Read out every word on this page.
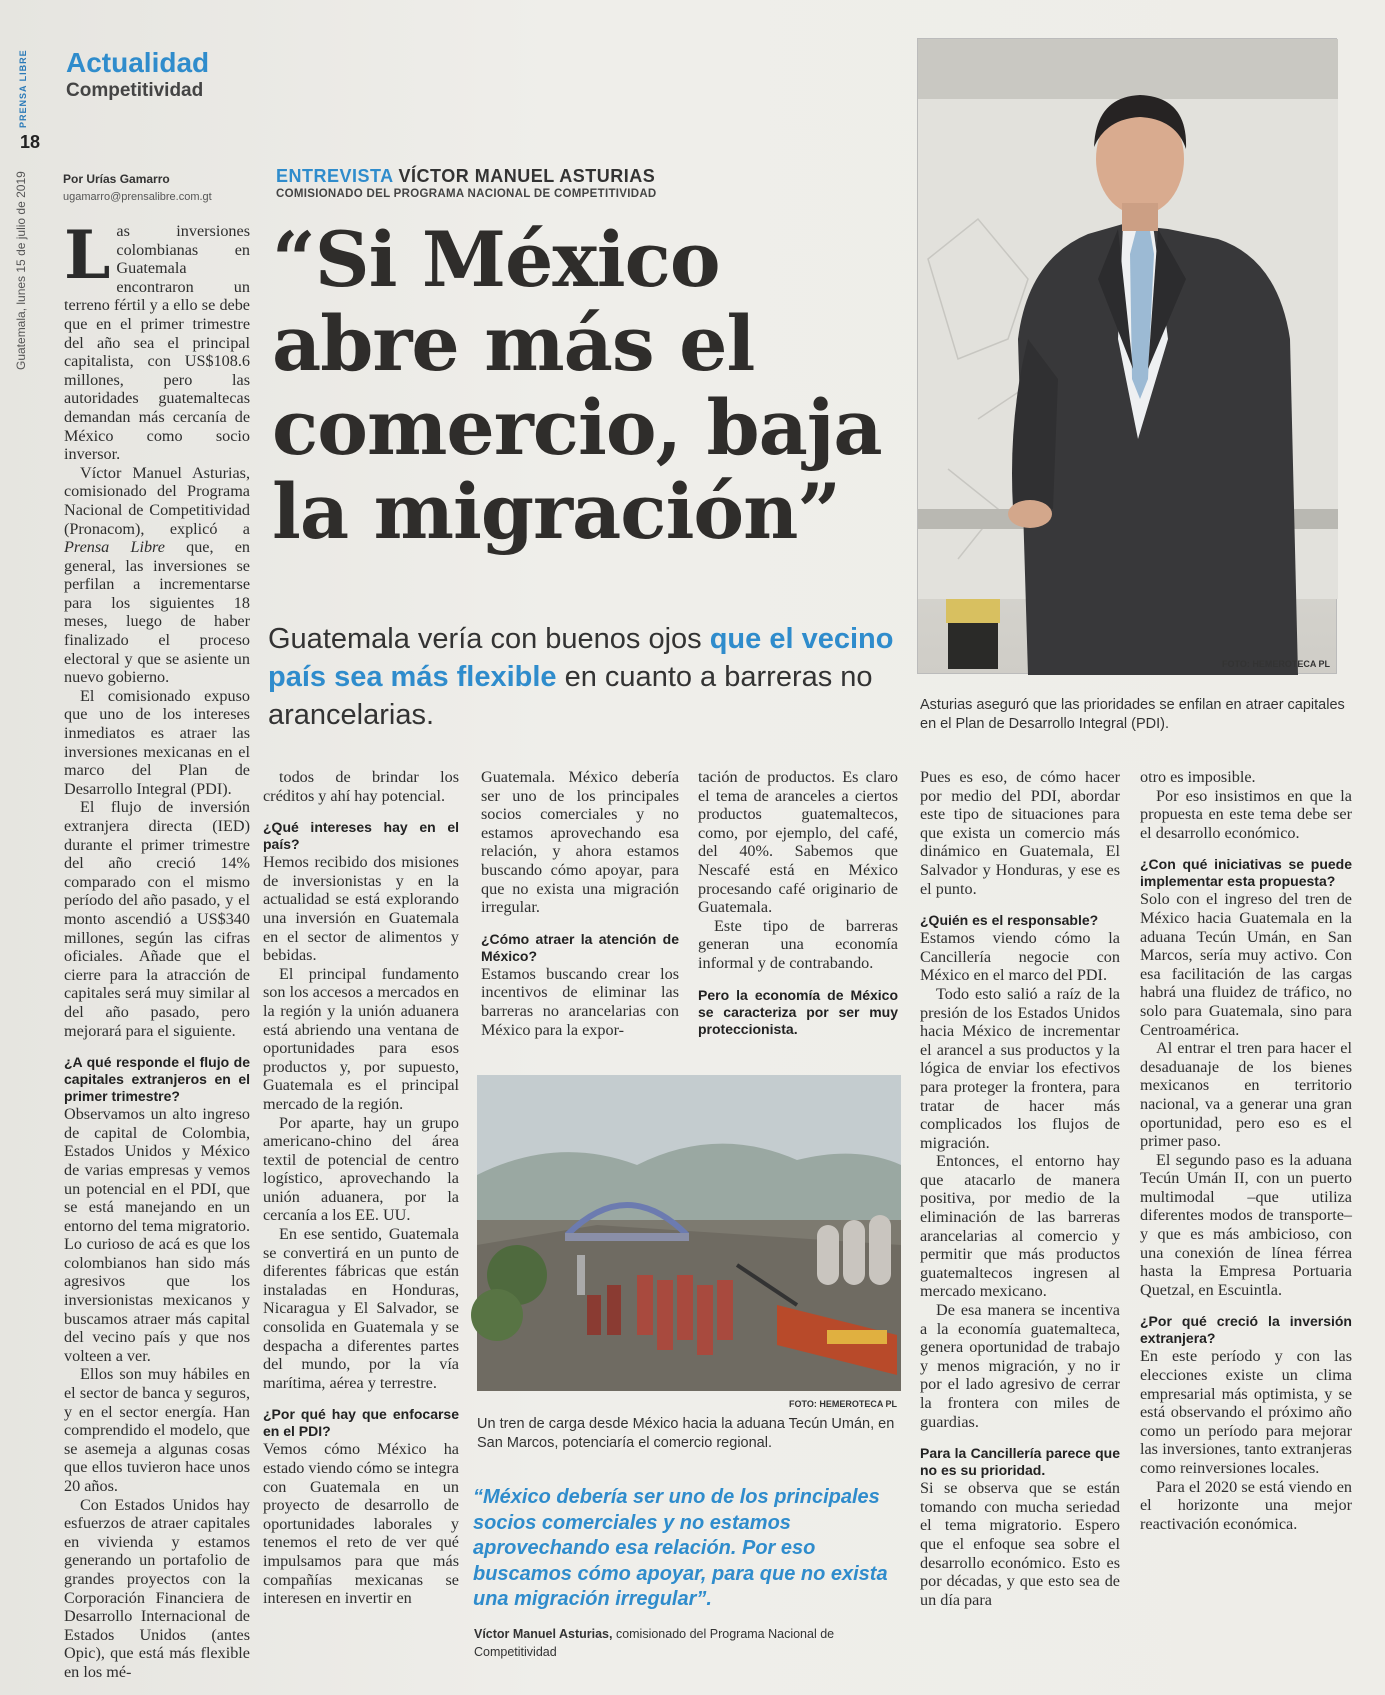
PRENSA LIBRE
18
Guatemala, lunes 15 de julio de 2019
Actualidad
Competitividad
Por Urías Gamarro
ugamarro@prensalibre.com.gt
ENTREVISTA VÍCTOR MANUEL ASTURIAS
COMISIONADO DEL PROGRAMA NACIONAL DE COMPETITIVIDAD
“Si México abre más el comercio, baja la migración”
Guatemala vería con buenos ojos que el vecino país sea más flexible en cuanto a barreras no arancelarias.
FOTO: HEMEROTECA PL
Asturias aseguró que las prioridades se enfilan en atraer capitales en el Plan de Desarrollo Integral (PDI).

Las inversiones colombianas en Guatemala encontraron un terreno fértil y a ello se debe que en el primer trimestre del año sea el principal capitalista, con US$108.6 millones, pero las autoridades guatemaltecas demandan más cercanía de México como socio inversor.

Víctor Manuel Asturias, comisionado del Programa Nacional de Competitividad (Pronacom), explicó a Prensa Libre que, en general, las inversiones se perfilan a incrementarse para los siguientes 18 meses, luego de haber finalizado el proceso electoral y que se asiente un nuevo gobierno.

El comisionado expuso que uno de los intereses inmediatos es atraer las inversiones mexicanas en el marco del Plan de Desarrollo Integral (PDI).

El flujo de inversión extranjera directa (IED) durante el primer trimestre del año creció 14% comparado con el mismo período del año pasado, y el monto ascendió a US$340 millones, según las cifras oficiales. Añade que el cierre para la atracción de capitales será muy similar al del año pasado, pero mejorará para el siguiente.

¿A qué responde el flujo de capitales extranjeros en el primer trimestre?

Observamos un alto ingreso de capital de Colombia, Estados Unidos y México de varias empresas y vemos un potencial en el PDI, que se está manejando en un entorno del tema migratorio. Lo curioso de acá es que los colombianos han sido más agresivos que los inversionistas mexicanos y buscamos atraer más capital del vecino país y que nos volteen a ver.

Ellos son muy hábiles en el sector de banca y seguros, y en el sector energía. Han comprendido el modelo, que se asemeja a algunas cosas que ellos tuvieron hace unos 20 años.

Con Estados Unidos hay esfuerzos de atraer capitales en vivienda y estamos generando un portafolio de grandes proyectos con la Corporación Financiera de Desarrollo Internacional de Estados Unidos (antes Opic), que está más flexible en los mé-

todos de brindar los créditos y ahí hay potencial.

¿Qué intereses hay en el país?

Hemos recibido dos misiones de inversionistas y en la actualidad se está explorando una inversión en Guatemala en el sector de alimentos y bebidas.

El principal fundamento son los accesos a mercados en la región y la unión aduanera está abriendo una ventana de oportunidades para esos productos y, por supuesto, Guatemala es el principal mercado de la región.

Por aparte, hay un grupo americano-chino del área textil de potencial de centro logístico, aprovechando la unión aduanera, por la cercanía a los EE. UU.

En ese sentido, Guatemala se convertirá en un punto de diferentes fábricas que están instaladas en Honduras, Nicaragua y El Salvador, se consolida en Guatemala y se despacha a diferentes partes del mundo, por la vía marítima, aérea y terrestre.

¿Por qué hay que enfocarse en el PDI?

Vemos cómo México ha estado viendo cómo se integra con Guatemala en un proyecto de desarrollo de oportunidades laborales y tenemos el reto de ver qué impulsamos para que más compañías mexicanas se interesen en invertir en

Guatemala. México debería ser uno de los principales socios comerciales y no estamos aprovechando esa relación, y ahora estamos buscando cómo apoyar, para que no exista una migración irregular.

¿Cómo atraer la atención de México?

Estamos buscando crear los incentivos de eliminar las barreras no arancelarias con México para la expor-

tación de productos. Es claro el tema de aranceles a ciertos productos guatemaltecos, como, por ejemplo, del café, del 40%. Sabemos que Nescafé está en México procesando café originario de Guatemala.

Este tipo de barreras generan una economía informal y de contrabando.

Pero la economía de México se caracteriza por ser muy proteccionista.
FOTO: HEMEROTECA PL
Un tren de carga desde México hacia la aduana Tecún Umán, en San Marcos, potenciaría el comercio regional.
“México debería ser uno de los principales socios comerciales y no estamos aprovechando esa relación. Por eso buscamos cómo apoyar, para que no exista una migración irregular”.
Víctor Manuel Asturias, comisionado del Programa Nacional de Competitividad

Pues es eso, de cómo hacer por medio del PDI, abordar este tipo de situaciones para que exista un comercio más dinámico en Guatemala, El Salvador y Honduras, y ese es el punto.

¿Quién es el responsable?

Estamos viendo cómo la Cancillería negocie con México en el marco del PDI.

Todo esto salió a raíz de la presión de los Estados Unidos hacia México de incrementar el arancel a sus productos y la lógica de enviar los efectivos para proteger la frontera, para tratar de hacer más complicados los flujos de migración.

Entonces, el entorno hay que atacarlo de manera positiva, por medio de la eliminación de las barreras arancelarias al comercio y permitir que más productos guatemaltecos ingresen al mercado mexicano.

De esa manera se incentiva a la economía guatemalteca, genera oportunidad de trabajo y menos migración, y no ir por el lado agresivo de cerrar la frontera con miles de guardias.

Para la Cancillería parece que no es su prioridad.

Si se observa que se están tomando con mucha seriedad el tema migratorio. Espero que el enfoque sea sobre el desarrollo económico. Esto es por décadas, y que esto sea de un día para

otro es imposible.

Por eso insistimos en que la propuesta en este tema debe ser el desarrollo económico.

¿Con qué iniciativas se puede implementar esta propuesta?

Solo con el ingreso del tren de México hacia Guatemala en la aduana Tecún Umán, en San Marcos, sería muy activo. Con esa facilitación de las cargas habrá una fluidez de tráfico, no solo para Guatemala, sino para Centroamérica.

Al entrar el tren para hacer el desaduanaje de los bienes mexicanos en territorio nacional, va a generar una gran oportunidad, pero eso es el primer paso.

El segundo paso es la aduana Tecún Umán II, con un puerto multimodal –que utiliza diferentes modos de transporte– y que es más ambicioso, con una conexión de línea férrea hasta la Empresa Portuaria Quetzal, en Escuintla.

¿Por qué creció la inversión extranjera?

En este período y con las elecciones existe un clima empresarial más optimista, y se está observando el próximo año como un período para mejorar las inversiones, tanto extranjeras como reinversiones locales.

Para el 2020 se está viendo en el horizonte una mejor reactivación económica.
